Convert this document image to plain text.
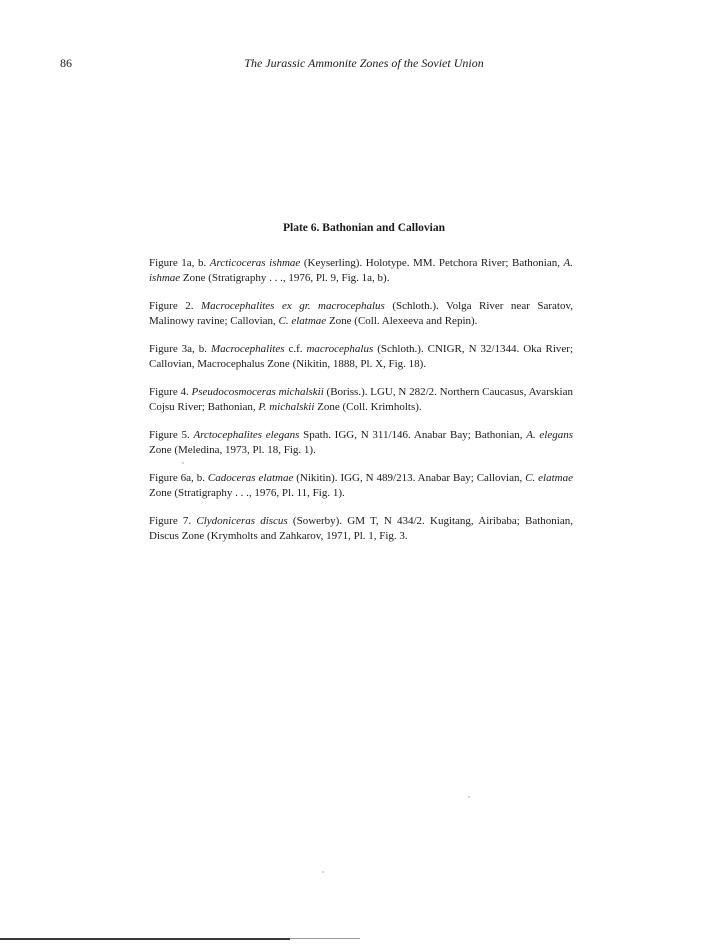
86	The Jurassic Ammonite Zones of the Soviet Union
Plate 6. Bathonian and Callovian

Figure 1a, b. Arcticoceras ishmae (Keyserling). Holotype. MM. Petchora River; Bathonian, A. ishmae Zone (Stratigraphy . . ., 1976, Pl. 9, Fig. 1a, b).

Figure 2. Macrocephalites ex gr. macrocephalus (Schloth.). Volga River near Saratov, Malinowy ravine; Callovian, C. elatmae Zone (Coll. Alexeeva and Repin).

Figure 3a, b. Macrocephalites c.f. macrocephalus (Schloth.). CNIGR, N 32/1344. Oka River; Callovian, Macrocephalus Zone (Nikitin, 1888, Pl. X, Fig. 18).

Figure 4. Pseudocosmoceras michalskii (Boriss.). LGU, N 282/2. Northern Caucasus, Avarskian Cojsu River; Bathonian, P. michalskii Zone (Coll. Krimholts).

Figure 5. Arctocephalites elegans Spath. IGG, N 311/146. Anabar Bay; Bathonian, A. elegans Zone (Meledina, 1973, Pl. 18, Fig. 1).

Figure 6a, b. Cadoceras elatmae (Nikitin). IGG, N 489/213. Anabar Bay; Callovian, C. elatmae Zone (Stratigraphy . . ., 1976, Pl. 11, Fig. 1).

Figure 7. Clydoniceras discus (Sowerby). GM T, N 434/2. Kugitang, Airibaba; Bathonian, Discus Zone (Krymholts and Zahkarov, 1971, Pl. 1, Fig. 3.
